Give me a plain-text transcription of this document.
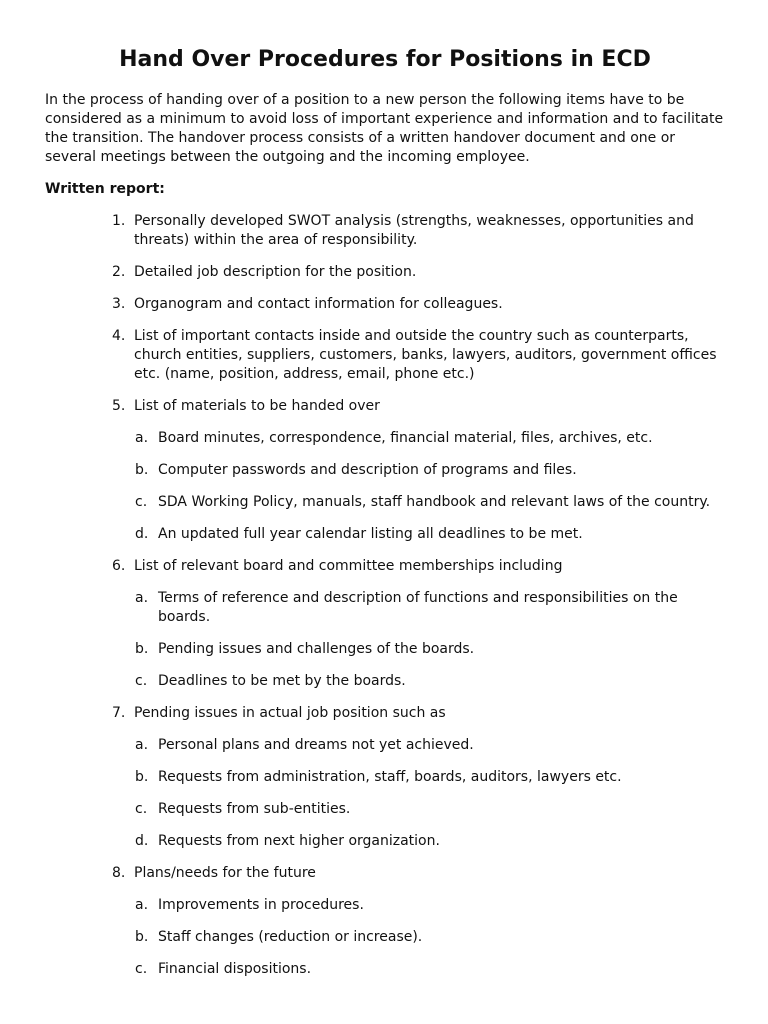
Hand Over Procedures for Positions in ECD

In the process of handing over of a position to a new person the following items have to be considered as a minimum to avoid loss of important experience and information and to facilitate the transition. The handover process consists of a written handover document and one or several meetings between the outgoing and the incoming employee.

Written report:

1. Personally developed SWOT analysis (strengths, weaknesses, opportunities and threats) within the area of responsibility.
2. Detailed job description for the position.
3. Organogram and contact information for colleagues.
4. List of important contacts inside and outside the country such as counterparts, church entities, suppliers, customers, banks, lawyers, auditors, government offices etc. (name, position, address, email, phone etc.)
5. List of materials to be handed over
a. Board minutes, correspondence, financial material, files, archives, etc.
b. Computer passwords and description of programs and files.
c. SDA Working Policy, manuals, staff handbook and relevant laws of the country.
d. An updated full year calendar listing all deadlines to be met.
6. List of relevant board and committee memberships including
a. Terms of reference and description of functions and responsibilities on the boards.
b. Pending issues and challenges of the boards.
c. Deadlines to be met by the boards.
7. Pending issues in actual job position such as
a. Personal plans and dreams not yet achieved.
b. Requests from administration, staff, boards, auditors, lawyers etc.
c. Requests from sub-entities.
d. Requests from next higher organization.
8. Plans/needs for the future
a. Improvements in procedures.
b. Staff changes (reduction or increase).
c. Financial dispositions.
